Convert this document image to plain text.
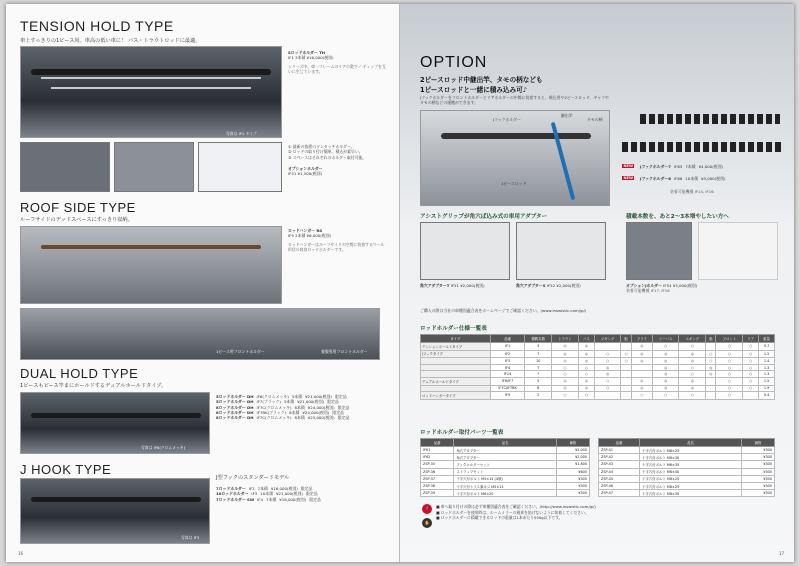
TENSION HOLD TYPE
車上すっきりの1ピース用。車高の低い車に！ バス・トラウトロッドに最適。
写真は IF1 タイプ
Sロッドホルダー TH
IF1 3本積 ¥16,000(税別)
シリーズ中、車一フレームのリアの奥でノ ティップを互いに生じています。
① 最新の技術のワンタッチホルダー。
② ロッドの取り付け簡単、積込が素早い。
③ スペースはそれぞれのホルダー取付可能。
オプションホルダー
IF51 ¥1,500(税別)
ROOF SIDE TYPE
ルーフサイドのデッドスペースにすっきり収納。
ロッドハンガー RS
IF9 2本積 ¥6,000(税別)
ロッドハンガーはルーフサイドの空間に装着するツール形状の収容ロッドホルダーです。
1ピース用フロントホルダー	着脱専用フロントホルダー
DUAL HOLD TYPE
1ピースもピース竿まにホールドするデュアルホールドタイプ。
写真は IF6(クロムメッキ)
5ロッドホルダー DH IF6(クロムメッキ) 5本積 ¥21,000(税別) 限定品
5ロッドホルダー DH IF7(ブラック) 5本積 ¥21,000(税別) 限定品
8ロッドホルダー DH IF7C(クロムメッキ) 8本積 ¥24,000(税別) 限定品
8ロッドホルダー DH IF7BK(ブラック) 8本積 ¥24,000(税別) 限定品
8ロッドホルダー DH IF7C(クロムメッキ) 8本積 ¥25,000(税別) 限定品
J HOOK TYPE
写真は IF3
J型フックのスタンダードモデル
7ロッドホルダー IF2 7本積 ¥16,000(税別) 限定品
10ロッドホルダー IF3 10本積 ¥21,000(税別) 限定品
7ロッドホルダー SW IF4 7本積 ¥18,000(税別) 限定品
16
OPTION
2ピースロッド中継出竿、タモの柄なども
1ピースロッドと一緒に積み込み可♪
Jフックホルダーをフロントホルダーとリアホルダーの中間に装着すると、飛込用や2ピースロッド、ギャフやタモの柄などの運搬ができます。
Jフックホルダー
1ピースロッド
タモの柄
継出竿
NEW	Jフックホルダー7 IF65 7本積 ¥4,000(税別)
NEW	Jフックホルダー8 IF66 10本積 ¥5,000(税別)
装着可能機種 IF14, IF16
アシストグリップが角穴ば込み式の車用アダプター
角穴アダプターT IF51 ¥2,000(税別)	角穴アダプターS IF52 ¥2,000(税別)
積載本数を、あと2〜3本増やしたい方へ
オプションJホルダー IF54 ¥3,000(税別)
装着可能機種 IF17, IF18
ご購入の際は当社の車種別適合表をホームページでご確認ください。(www.inswistic.com/jp/)
ロッドホルダー仕様一覧表
タイプ	品番	積載本数	トラウト	バス	ジギング	鮎	フライ	シーバス	エギング	船	フロント	リア	重量
テンションホールドタイプ	IF1	3	◎	◎			◎	○	○		○	○	0.7
Jフックタイプ	IF2	7	◎	◎	○	○	◎	◎	◎	○	○	○	1.2
	IF3	10	◎	◎	○	○	◎	◎	◎	○	○	○	1.4
	IF4	7	○	○	◎			◎	○	◎	○	○	1.3
	IF14	7	○	○	◎			◎	○	◎	○	○	1.3
デュアルホールドタイプ	IF6/IF7	5	◎	◎	○		◎	◎	◎		○	○	1.5
	IF7C/IF7BK	8	◎	◎	○		◎	◎	◎		○	○	1.9
ロッドハンガータイプ	IF9	2	○	○			○	○	○		○		0.4
ロッドホルダー取付パーツ一覧表
品番	品名	価格
IF61	角穴アダプター	¥2,000
IF62	角穴アダプター	¥2,000
ZSP-35	フックホルダーセット	¥1,800
ZSP-36	ストラップセット	¥600
ZSP-37	十字穴付ボルト M5×15 (4個)	¥300
ZSP-38	十字穴付トラス頭ネジ M5×15	¥300
ZSP-39	十字穴付ボルト M6×20	¥300
品番	品名	価格
ZSP-41	十字穴付ボルト M6×25	¥300
ZSP-42	十字穴付ボルト M6×30	¥300
ZSP-43	十字穴付ボルト M6×35	¥300
ZSP-44	十字穴付ボルト M6×40	¥300
ZSP-45	十字穴付ボルト M8×20	¥300
ZSP-46	十字穴付ボルト M8×25	¥300
ZSP-47	十字穴付ボルト M8×30	¥300
!
✋
■ 車へ取り付けの際は必ず車種別適合表をご確認ください。(http://www.inswistic.com/jp/)
■ ロッドホルダーを使用時は、ルームミラーの視界を妨げないように装着してください。
■ ロッドホルダーに積載できるロッドの重量は1本あたり500g以下です。
17
